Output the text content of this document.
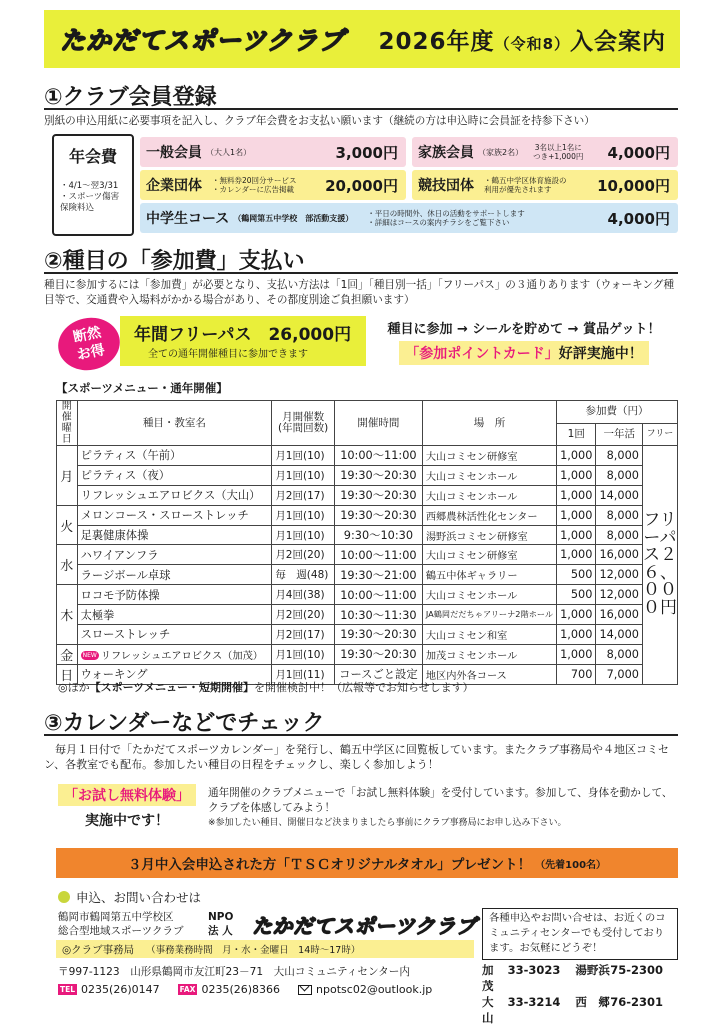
たかだてスポーツクラブ 2026年度（令和8）入会案内
①クラブ会員登録
別紙の申込用紙に必要事項を記入し、クラブ年会費をお支払い願います（継続の方は申込時に会員証を持参下さい）
年会費
・4/1～翌3/31
・スポーツ傷害保険料込
一般会員 （大人1名）	3,000円 家族会員 （家族2名） 3名以上1名に
つき+1,000円 4,000円
企業団体 ・無料券20回分サービス
・カレンダーに広告掲載 20,000円 競技団体 ・鶴五中学区体育施設の
利用が優先されます	10,000円
中学生コース （鶴岡第五中学校　部活動支援） ・平日の時間外、休日の活動をサポートします
・詳細はコースの案内チラシをご覧下さい	4,000円
②種目の「参加費」支払い
種目に参加するには「参加費」が必要となり、支払い方法は「1回」「種目別一括」「フリーパス」の３通りあります（ウォーキング種目等で、交通費や入場料がかかる場合があり、その都度別途ご負担願います）
断然
お得
年間フリーパス　26,000円
全ての通年開催種目に参加できます
種目に参加 → シールを貯めて → 賞品ゲット！
「参加ポイントカード」好評実施中！
【スポーツメニュー・通年開催】
開催
曜日	種目・教室名	月開催数
(年間回数)	開催時間	場　所	参加費（円）		
					1回	一年活	フリー
月	ピラティス（午前）	月1回(10)	10:00～11:00	大山コミセン研修室	1,000	8,000	フリーパス２６、０００円
	ピラティス（夜）	月1回(10)	19:30～20:30	大山コミセンホール	1,000	8,000	
	リフレッシュエアロビクス（大山）	月2回(17)	19:30～20:30	大山コミセンホール	1,000	14,000	
火	メロンコース・スローストレッチ	月1回(10)	19:30～20:30	西郷農林活性化センター	1,000	8,000	
	足裏健康体操	月1回(10)	9:30～10:30	湯野浜コミセン研修室	1,000	8,000	
水	ハワイアンフラ	月2回(20)	10:00～11:00	大山コミセン研修室	1,000	16,000	
	ラージボール卓球	毎　週(48)	19:30～21:00	鶴五中体ギャラリー	500	12,000	
木	ロコモ予防体操	月4回(38)	10:00～11:00	大山コミセンホール	500	12,000	
	太極拳	月2回(20)	10:30～11:30	JA鶴岡だだちゃアリーナ2階ホール	1,000	16,000	
	スローストレッチ	月2回(17)	19:30～20:30	大山コミセン和室	1,000	14,000	
金	NEW リフレッシュエアロビクス（加茂）	月1回(10)	19:30～20:30	加茂コミセンホール	1,000	8,000	
日	ウォーキング	月1回(11)	コースごと設定	地区内外各コース	700	7,000	
◎ほか【スポーツメニュー・短期開催】を開催検討中！（広報等でお知らせします）
③カレンダーなどでチェック
　毎月１日付で「たかだてスポーツカレンダー」を発行し、鶴五中学区に回覧板しています。またクラブ事務局や４地区コミセン、各教室でも配布。参加したい種目の日程をチェックし、楽しく参加しよう！
「お試し無料体験」
実施中です！
通年開催のクラブメニューで「お試し無料体験」を受付しています。参加して、身体を動かして、クラブを体感してみよう！
※参加したい種目、開催日など決まりましたら事前にクラブ事務局にお申し込み下さい。
３月中入会申込された方「ＴＳＣオリジナルタオル」プレゼント！ （先着100名）
申込、お問い合わせは
鶴岡市鶴岡第五中学校区
総合型地域スポーツクラブ
NPO
法 人 たかだてスポーツクラブ
◎クラブ事務局 （事務業務時間　月・水・金曜日　14時～17時）
〒997-1123　山形県鶴岡市友江町23－71　大山コミュニティセンター内
TEL 0235(26)0147	FAX 0235(26)8366	npotsc02@outlook.jp
各種申込やお問い合せは、お近くのコミュニティセンターでも受付しております。お気軽にどうぞ！
加　茂
33-3023	湯野浜 75-2300
大　山
33-3214	西　郷 76-2301
